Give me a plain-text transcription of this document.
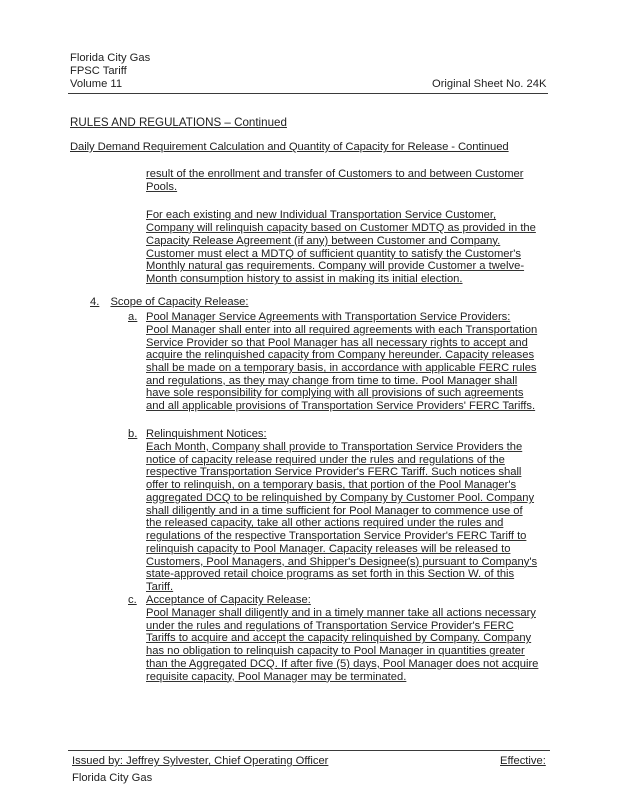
Florida City Gas
FPSC Tariff
Volume 11	Original Sheet No. 24K
RULES AND REGULATIONS – Continued
Daily Demand Requirement Calculation and Quantity of Capacity for Release - Continued

result of the enrollment and transfer of Customers to and between Customer Pools.

For each existing and new Individual Transportation Service Customer, Company will relinquish capacity based on Customer MDTQ as provided in the Capacity Release Agreement (if any) between Customer and Company. Customer must elect a MDTQ of sufficient quantity to satisfy the Customer's Monthly natural gas requirements. Company will provide Customer a twelve-Month consumption history to assist in making its initial election.

4. Scope of Capacity Release:
a. Pool Manager Service Agreements with Transportation Service Providers:

Pool Manager shall enter into all required agreements with each Transportation Service Provider so that Pool Manager has all necessary rights to accept and acquire the relinquished capacity from Company hereunder. Capacity releases shall be made on a temporary basis, in accordance with applicable FERC rules and regulations, as they may change from time to time. Pool Manager shall have sole responsibility for complying with all provisions of such agreements and all applicable provisions of Transportation Service Providers' FERC Tariffs.

b. Relinquishment Notices:

Each Month, Company shall provide to Transportation Service Providers the notice of capacity release required under the rules and regulations of the respective Transportation Service Provider's FERC Tariff. Such notices shall offer to relinquish, on a temporary basis, that portion of the Pool Manager's aggregated DCQ to be relinquished by Company by Customer Pool. Company shall diligently and in a time sufficient for Pool Manager to commence use of the released capacity, take all other actions required under the rules and regulations of the respective Transportation Service Provider's FERC Tariff to relinquish capacity to Pool Manager. Capacity releases will be released to Customers, Pool Managers, and Shipper's Designee(s) pursuant to Company's state-approved retail choice programs as set forth in this Section W. of this Tariff.

c. Acceptance of Capacity Release:

Pool Manager shall diligently and in a timely manner take all actions necessary under the rules and regulations of Transportation Service Provider's FERC Tariffs to acquire and accept the capacity relinquished by Company. Company has no obligation to relinquish capacity to Pool Manager in quantities greater than the Aggregated DCQ. If after five (5) days, Pool Manager does not acquire requisite capacity, Pool Manager may be terminated.

Issued by: Jeffrey Sylvester, Chief Operating Officer	Effective:
Florida City Gas
